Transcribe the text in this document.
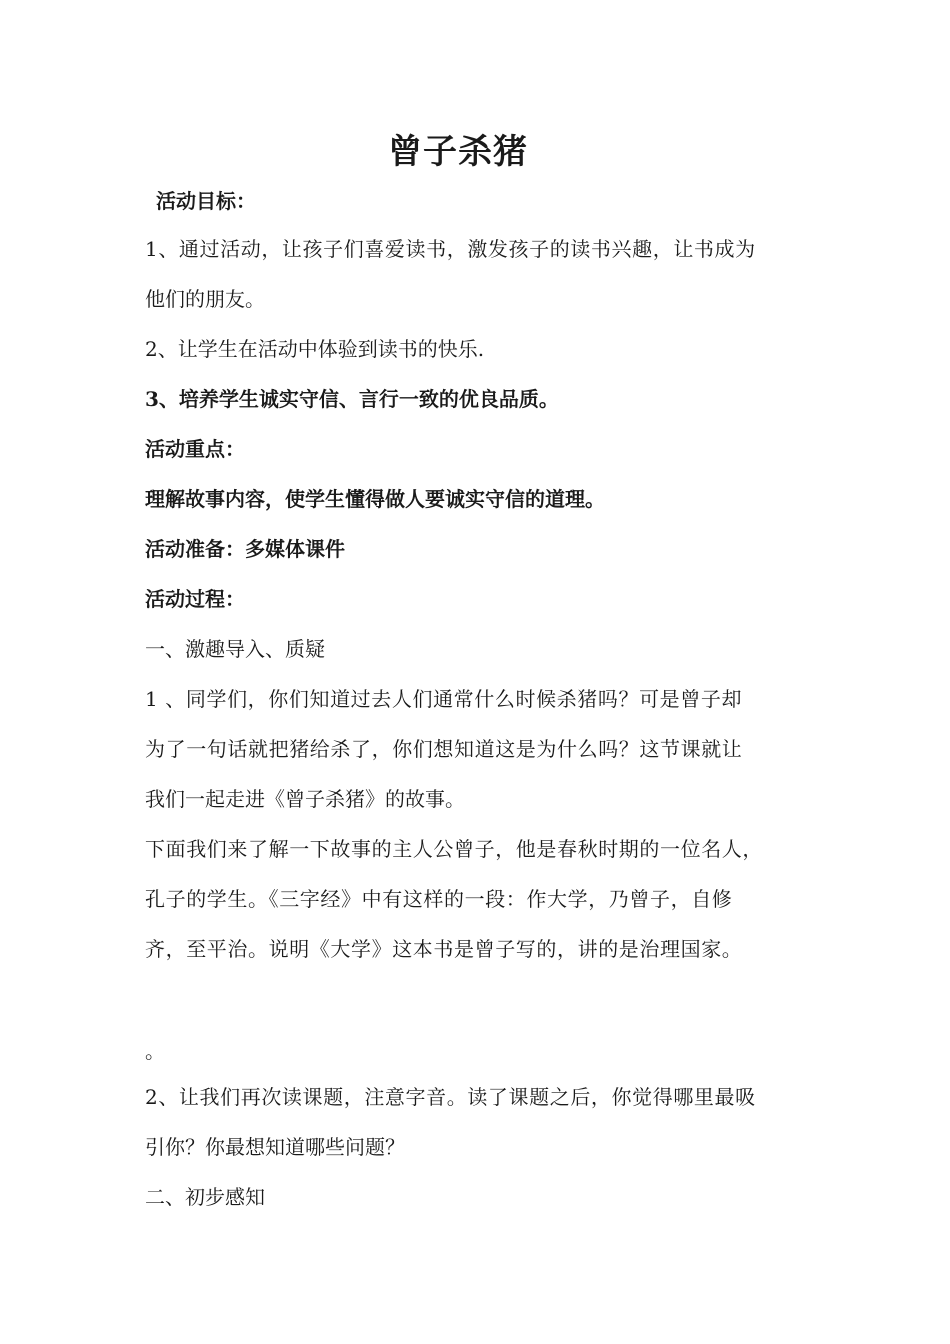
曾子杀猪
活动目标：
1、通过活动，让孩子们喜爱读书，激发孩子的读书兴趣，让书成为
他们的朋友。
2、让学生在活动中体验到读书的快乐.
3、培养学生诚实守信、言行一致的优良品质。
活动重点：
理解故事内容，使学生懂得做人要诚实守信的道理。
活动准备：多媒体课件
活动过程：
一、激趣导入、质疑
1 、同学们，你们知道过去人们通常什么时候杀猪吗？可是曾子却
为了一句话就把猪给杀了，你们想知道这是为什么吗？这节课就让
我们一起走进《曾子杀猪》的故事。
下面我们来了解一下故事的主人公曾子，他是春秋时期的一位名人，
孔子的学生。《三字经》中有这样的一段：作大学，乃曾子，自修
齐，至平治。说明《大学》这本书是曾子写的，讲的是治理国家。
。
2、让我们再次读课题，注意字音。读了课题之后，你觉得哪里最吸
引你？你最想知道哪些问题？
二、初步感知
